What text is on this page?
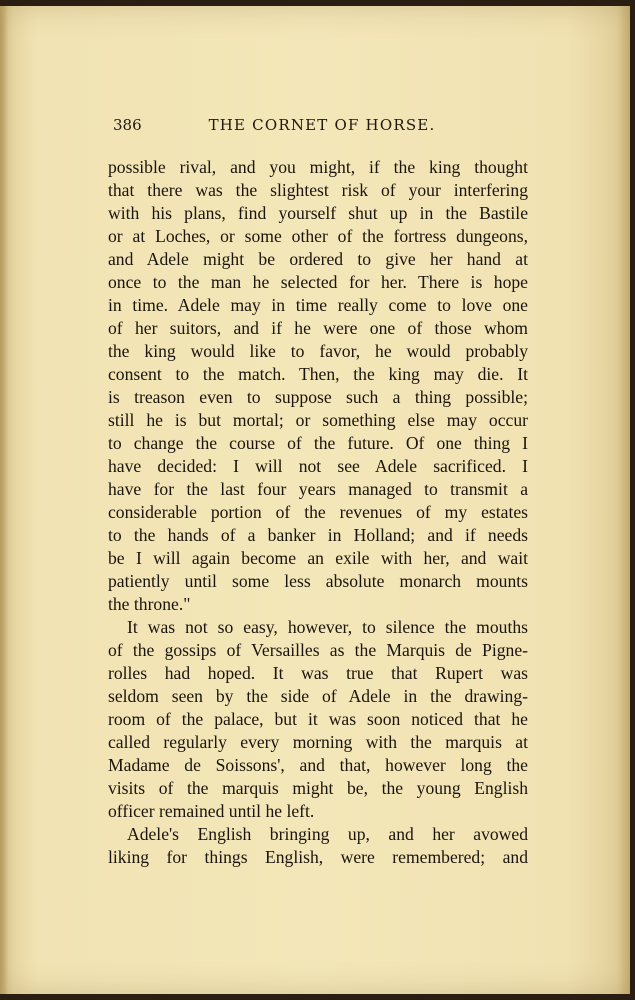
386	THE CORNET OF HORSE.
possible rival, and you might, if the king thought
that there was the slightest risk of your interfering
with his plans, find yourself shut up in the Bastile
or at Loches, or some other of the fortress dungeons,
and Adele might be ordered to give her hand at
once to the man he selected for her. There is hope
in time. Adele may in time really come to love one
of her suitors, and if he were one of those whom
the king would like to favor, he would probably
consent to the match. Then, the king may die. It
is treason even to suppose such a thing possible;
still he is but mortal; or something else may occur
to change the course of the future. Of one thing I
have decided: I will not see Adele sacrificed. I
have for the last four years managed to transmit a
considerable portion of the revenues of my estates
to the hands of a banker in Holland; and if needs
be I will again become an exile with her, and wait
patiently until some less absolute monarch mounts
the throne."
It was not so easy, however, to silence the mouths
of the gossips of Versailles as the Marquis de Pigne-
rolles had hoped. It was true that Rupert was
seldom seen by the side of Adele in the drawing-
room of the palace, but it was soon noticed that he
called regularly every morning with the marquis at
Madame de Soissons', and that, however long the
visits of the marquis might be, the young English
officer remained until he left.
Adele's English bringing up, and her avowed
liking for things English, were remembered; and
